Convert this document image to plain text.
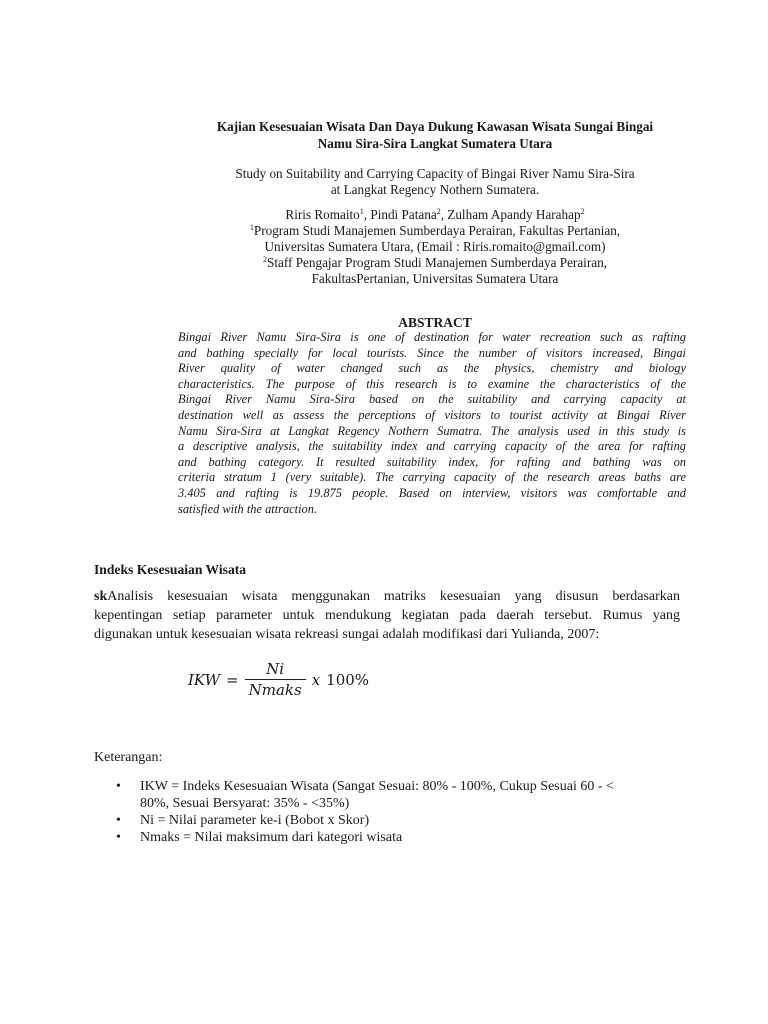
Kajian Kesesuaian Wisata Dan Daya Dukung Kawasan Wisata Sungai Bingai
Namu Sira-Sira Langkat Sumatera Utara
Study on Suitability and Carrying Capacity of Bingai River Namu Sira-Sira
at Langkat Regency Nothern Sumatera.
Riris Romaito$^1$, Pindi Patana$^2$, Zulham Apandy Harahap$^2$
$^1$Program Studi Manajemen Sumberdaya Perairan, Fakultas Pertanian,
Universitas Sumatera Utara, (Email : Riris.romaito@gmail.com)
$^2$Staff Pengajar Program Studi Manajemen Sumberdaya Perairan,
FakultasPertanian, Universitas Sumatera Utara
ABSTRACT
Bingai River Namu Sira-Sira is one of destination for water recreation such as rafting
and bathing specially for local tourists. Since the number of visitors increased, Bingai
River quality of water changed such as the physics, chemistry and biology
characteristics. The purpose of this research is to examine the characteristics of the
Bingai River Namu Sira-Sira based on the suitability and carrying capacity at
destination well as assess the perceptions of visitors to tourist activity at Bingai River
Namu Sira-Sira at Langkat Regency Nothern Sumatra. The analysis used in this study is
a descriptive analysis, the suitability index and carrying capacity of the area for rafting
and bathing category. It resulted suitability index, for rafting and bathing was on
criteria stratum 1 (very suitable). The carrying capacity of the research areas baths are
3.405 and rafting is 19.875 people. Based on interview, visitors was comfortable and
satisfied with the attraction.
Indeks Kesesuaian Wisata
skAnalisis kesesuaian wisata menggunakan matriks kesesuaian yang disusun berdasarkan
kepentingan setiap parameter untuk mendukung kegiatan pada daerah tersebut. Rumus yang
digunakan untuk kesesuaian wisata rekreasi sungai adalah modifikasi dari Yulianda, 2007:
IKW = $\frac{Ni}{\text{Nmaks}}$ x 100%
Keterangan:
• IKW = Indeks Kesesuaian Wisata (Sangat Sesuai: 80% - 100%, Cukup Sesuai 60 - <
80%, Sesuai Bersyarat: 35% - <35%)
• Ni = Nilai parameter ke-i (Bobot x Skor)
• Nmaks = Nilai maksimum dari kategori wisata
